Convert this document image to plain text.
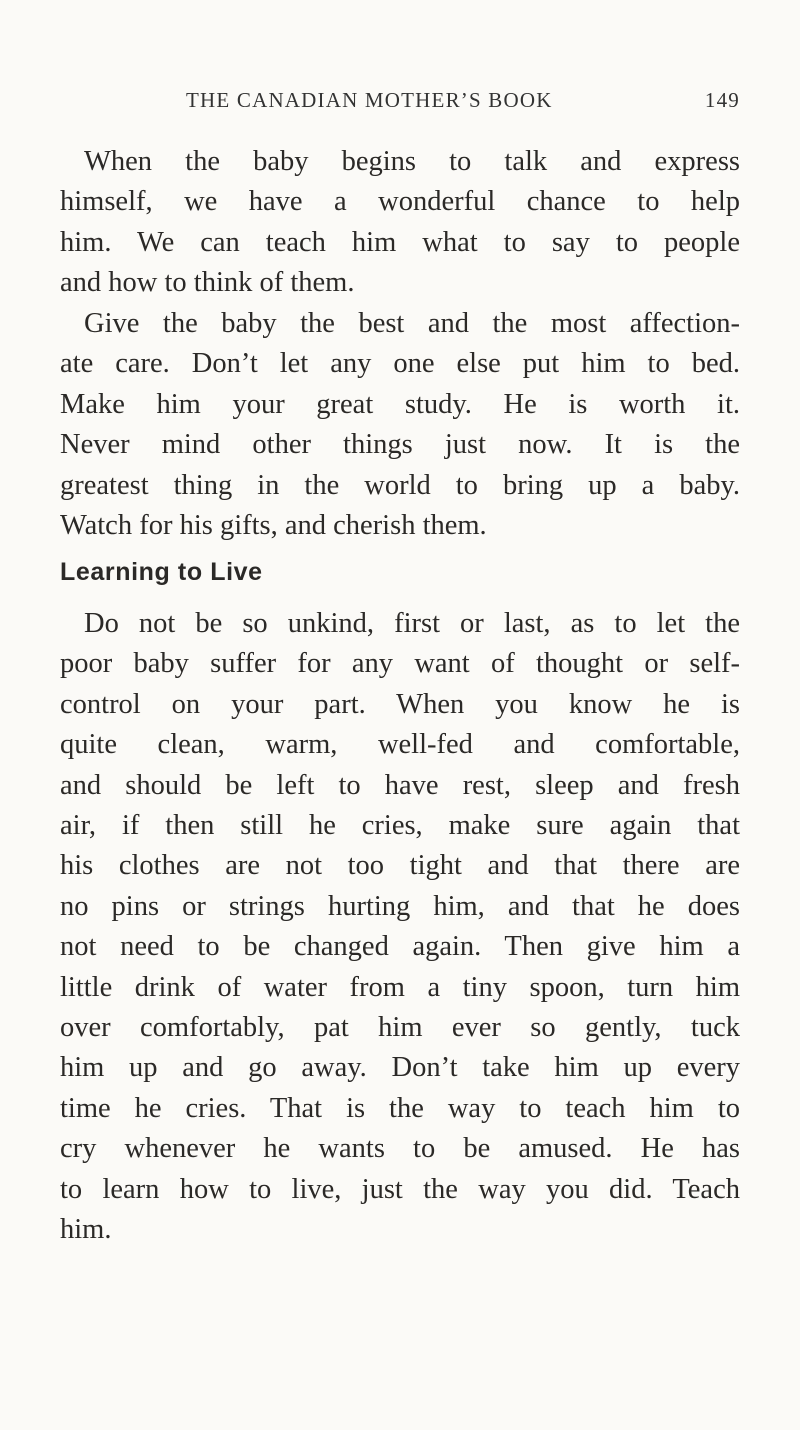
THE CANADIAN MOTHER’S BOOK	149
When the baby begins to talk and express
himself, we have a wonderful chance to help
him. We can teach him what to say to people
and how to think of them.
Give the baby the best and the most affection-
ate care. Don’t let any one else put him to bed.
Make him your great study. He is worth it.
Never mind other things just now. It is the
greatest thing in the world to bring up a baby.
Watch for his gifts, and cherish them.
Learning to Live
Do not be so unkind, first or last, as to let the
poor baby suffer for any want of thought or self-
control on your part. When you know he is
quite clean, warm, well-fed and comfortable,
and should be left to have rest, sleep and fresh
air, if then still he cries, make sure again that
his clothes are not too tight and that there are
no pins or strings hurting him, and that he does
not need to be changed again. Then give him a
little drink of water from a tiny spoon, turn him
over comfortably, pat him ever so gently, tuck
him up and go away. Don’t take him up every
time he cries. That is the way to teach him to
cry whenever he wants to be amused. He has
to learn how to live, just the way you did. Teach
him.
